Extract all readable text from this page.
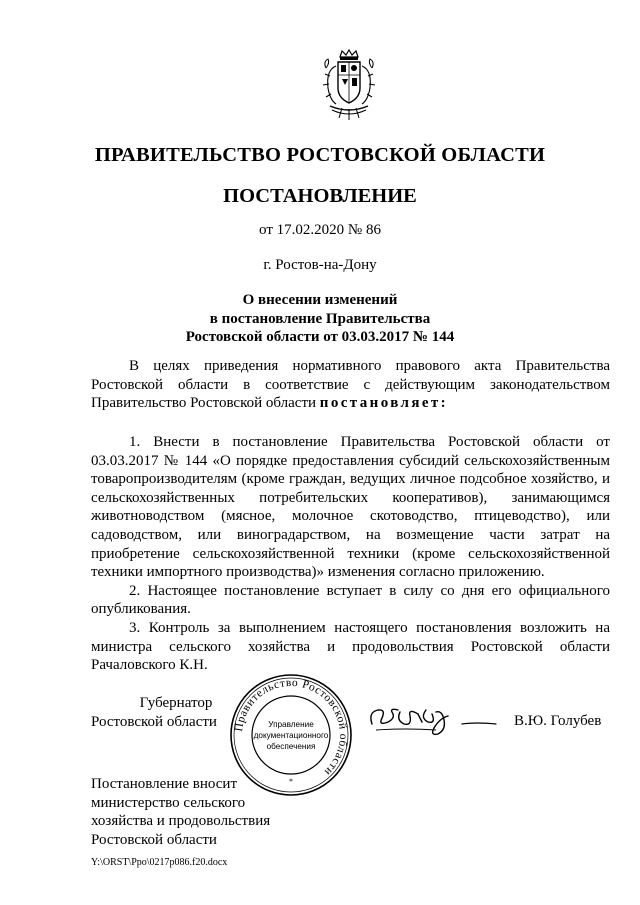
ПРАВИТЕЛЬСТВО РОСТОВСКОЙ ОБЛАСТИ
ПОСТАНОВЛЕНИЕ
от 17.02.2020 № 86
г. Ростов-на-Дону
О внесении изменений
в постановление Правительства
Ростовской области от 03.03.2017 № 144

В целях приведения нормативного правового акта Правительства Ростовской области в соответствие с действующим законодательством Правительство Ростовской области постановляет:

1. Внести в постановление Правительства Ростовской области от 03.03.2017 № 144 «О порядке предоставления субсидий сельскохозяйственным товаропроизводителям (кроме граждан, ведущих личное подсобное хозяйство, и сельскохозяйственных потребительских кооперативов), занимающимся животноводством (мясное, молочное скотоводство, птицеводство), или садоводством, или виноградарством, на возмещение части затрат на приобретение сельскохозяйственной техники (кроме сельскохозяйственной техники импортного производства)» изменения согласно приложению.

2. Настоящее постановление вступает в силу со дня его официального опубликования.

3. Контроль за выполнением настоящего постановления возложить на министра сельского хозяйства и продовольствия Ростовской области Рачаловского К.Н.

Губернатор
Ростовской области	Правительство Ростовской области
Управление
документационного
обеспечения
*
В.Ю. Голубев
Постановление вносит
министерство сельского
хозяйства и продовольствия
Ростовской области
Y:\ORST\Ppo\0217p086.f20.docx
